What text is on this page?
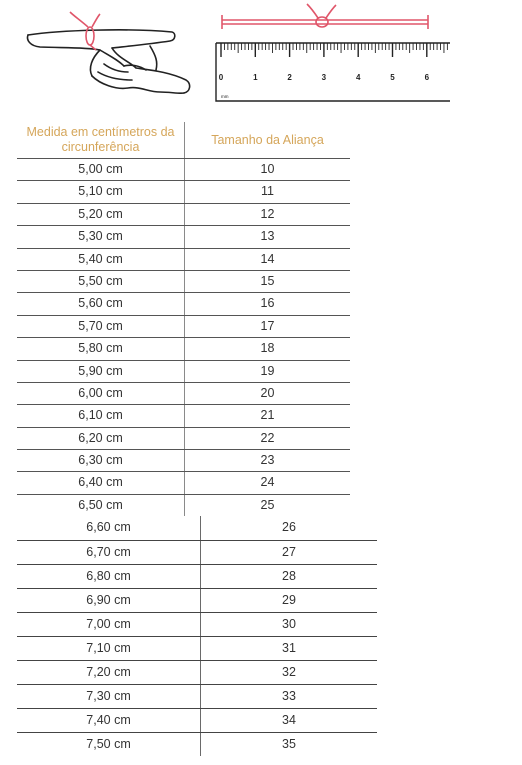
0	1	2	3	4	5	6
mm
Medida em centímetros da circunferência	Tamanho da Aliança
5,00 cm	10
5,10 cm	11
5,20 cm	12
5,30 cm	13
5,40 cm	14
5,50 cm	15
5,60 cm	16
5,70 cm	17
5,80 cm	18
5,90 cm	19
6,00 cm	20
6,10 cm	21
6,20 cm	22
6,30 cm	23
6,40 cm	24
6,50 cm	25
6,60 cm	26
6,70 cm	27
6,80 cm	28
6,90 cm	29
7,00 cm	30
7,10 cm	31
7,20 cm	32
7,30 cm	33
7,40 cm	34
7,50 cm	35
